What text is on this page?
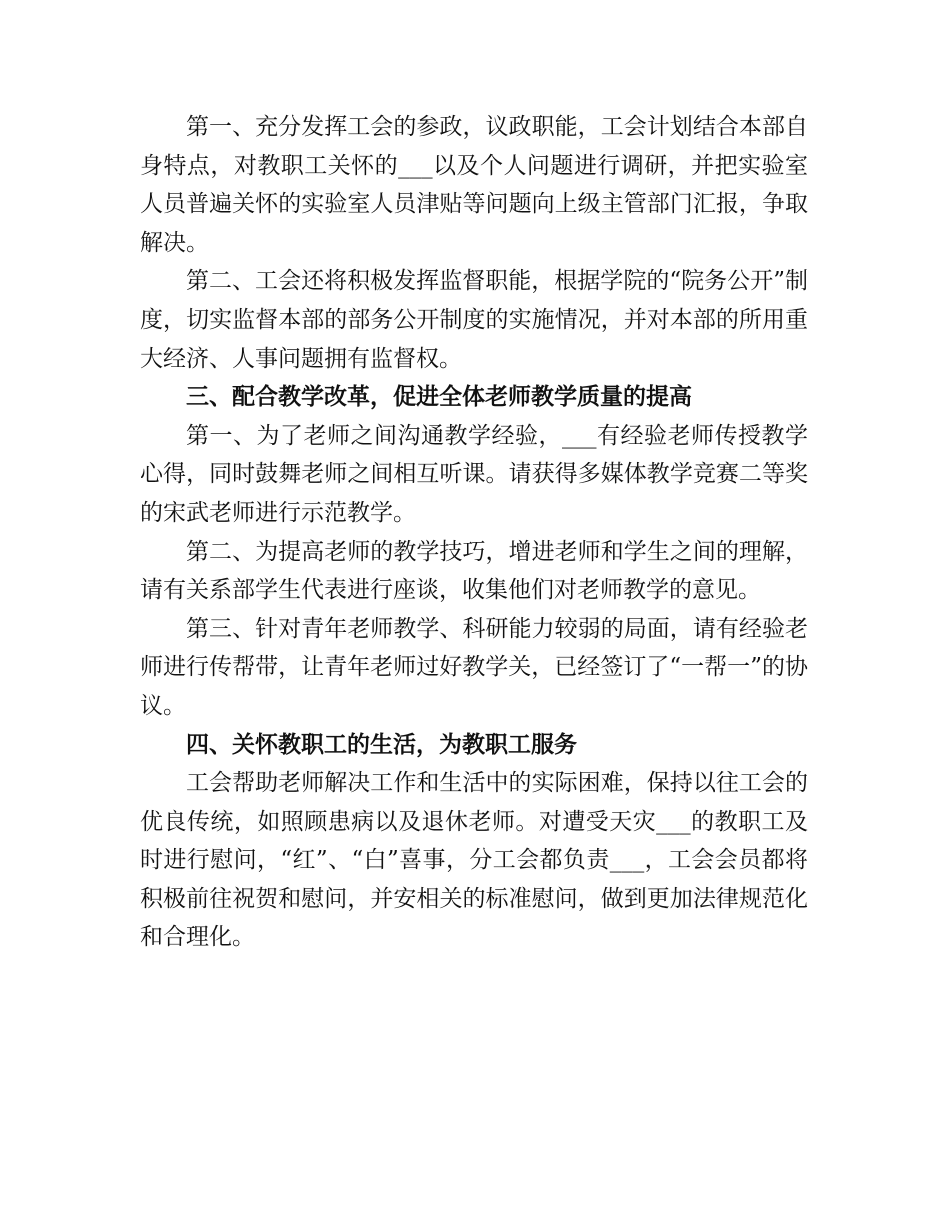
第一、充分发挥工会的参政，议政职能，工会计划结合本部自身特点，对教职工关怀的___以及个人问题进行调研，并把实验室人员普遍关怀的实验室人员津贴等问题向上级主管部门汇报，争取解决。

第二、工会还将积极发挥监督职能，根据学院的“院务公开”制度，切实监督本部的部务公开制度的实施情况，并对本部的所用重大经济、人事问题拥有监督权。

三、配合教学改革，促进全体老师教学质量的提高

第一、为了老师之间沟通教学经验，___有经验老师传授教学心得，同时鼓舞老师之间相互听课。请获得多媒体教学竞赛二等奖的宋武老师进行示范教学。

第二、为提高老师的教学技巧，增进老师和学生之间的理解，请有关系部学生代表进行座谈，收集他们对老师教学的意见。

第三、针对青年老师教学、科研能力较弱的局面，请有经验老师进行传帮带，让青年老师过好教学关，已经签订了“一帮一”的协议。

四、关怀教职工的生活，为教职工服务

工会帮助老师解决工作和生活中的实际困难，保持以往工会的优良传统，如照顾患病以及退休老师。对遭受天灾___的教职工及时进行慰问，“红”、“白”喜事，分工会都负责___，工会会员都将积极前往祝贺和慰问，并安相关的标准慰问，做到更加法律规范化和合理化。
